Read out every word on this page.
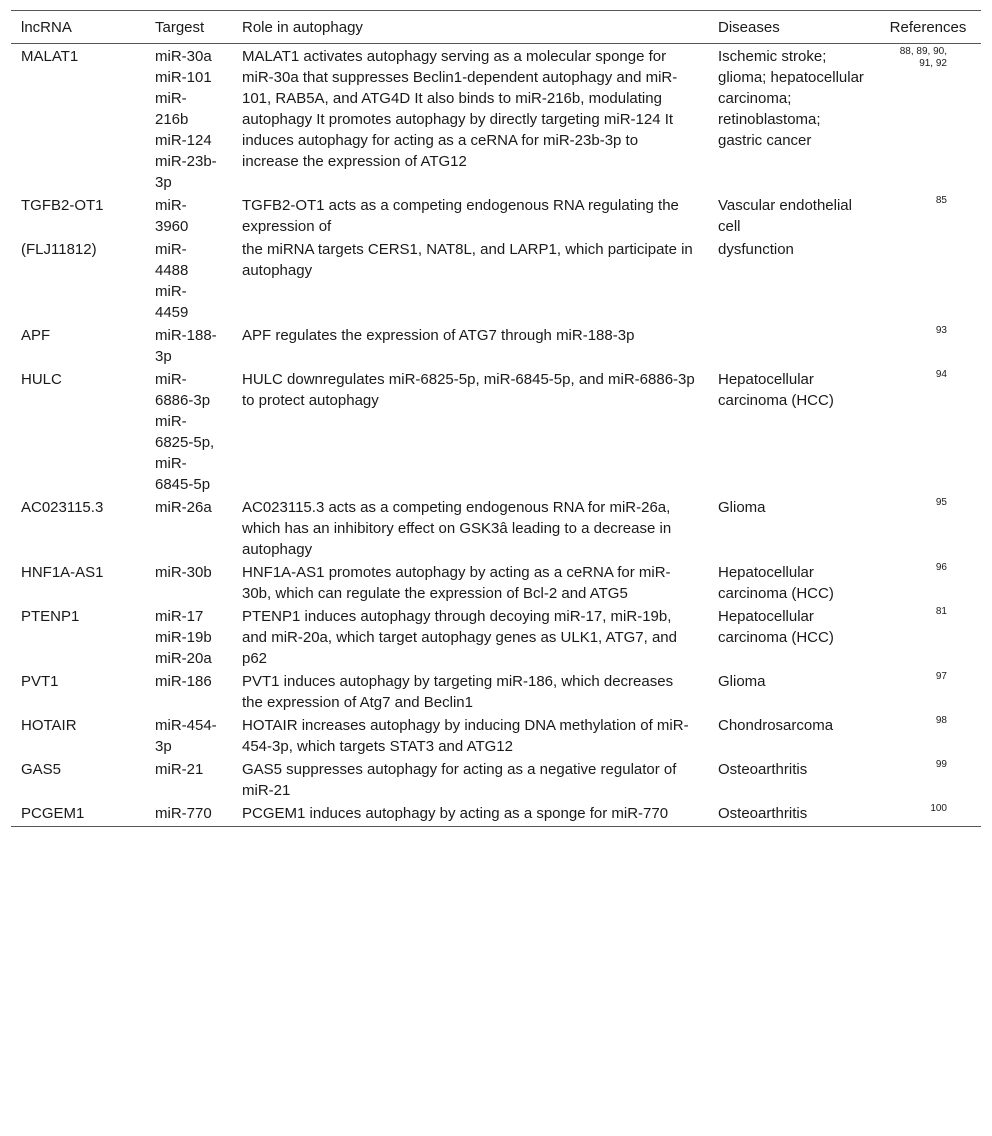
lncRNA	Targest	Role in autophagy	Diseases	References
MALAT1	miR-30a miR-101 miR-216b miR-124 miR-23b-3p	MALAT1 activates autophagy serving as a molecular sponge for miR-30a that suppresses Beclin1-dependent autophagy and miR-101, RAB5A, and ATG4D It also binds to miR-216b, modulating autophagy It promotes autophagy by directly targeting miR-124 It induces autophagy for acting as a ceRNA for miR-23b-3p to increase the expression of ATG12	Ischemic stroke; glioma; hepatocellular carcinoma; retinoblastoma; gastric cancer	$^{88, 89, 90, 91, 92}$
TGFB2-OT1	miR-3960	TGFB2-OT1 acts as a competing endogenous RNA regulating the expression of	Vascular endothelial cell	$^{85}$
(FLJ11812)	miR-4488 miR-4459	the miRNA targets CERS1, NAT8L, and LARP1, which participate in autophagy	dysfunction	
APF	miR-188-3p	APF regulates the expression of ATG7 through miR-188-3p		$^{93}$
HULC	miR-6886-3p miR-6825-5p, miR-6845-5p	HULC downregulates miR-6825-5p, miR-6845-5p, and miR-6886-3p to protect autophagy	Hepatocellular carcinoma (HCC)	$^{94}$
AC023115.3	miR-26a	AC023115.3 acts as a competing endogenous RNA for miR-26a, which has an inhibitory effect on GSK3â leading to a decrease in autophagy	Glioma	$^{95}$
HNF1A-AS1	miR-30b	HNF1A-AS1 promotes autophagy by acting as a ceRNA for miR-30b, which can regulate the expression of Bcl-2 and ATG5	Hepatocellular carcinoma (HCC)	$^{96}$
PTENP1	miR-17 miR-19b miR-20a	PTENP1 induces autophagy through decoying miR-17, miR-19b, and miR-20a, which target autophagy genes as ULK1, ATG7, and p62	Hepatocellular carcinoma (HCC)	$^{81}$
PVT1	miR-186	PVT1 induces autophagy by targeting miR-186, which decreases the expression of Atg7 and Beclin1	Glioma	$^{97}$
HOTAIR	miR-454-3p	HOTAIR increases autophagy by inducing DNA methylation of miR-454-3p, which targets STAT3 and ATG12	Chondrosarcoma	$^{98}$
GAS5	miR-21	GAS5 suppresses autophagy for acting as a negative regulator of miR-21	Osteoarthritis	$^{99}$
PCGEM1	miR-770	PCGEM1 induces autophagy by acting as a sponge for miR-770	Osteoarthritis	$^{100}$
